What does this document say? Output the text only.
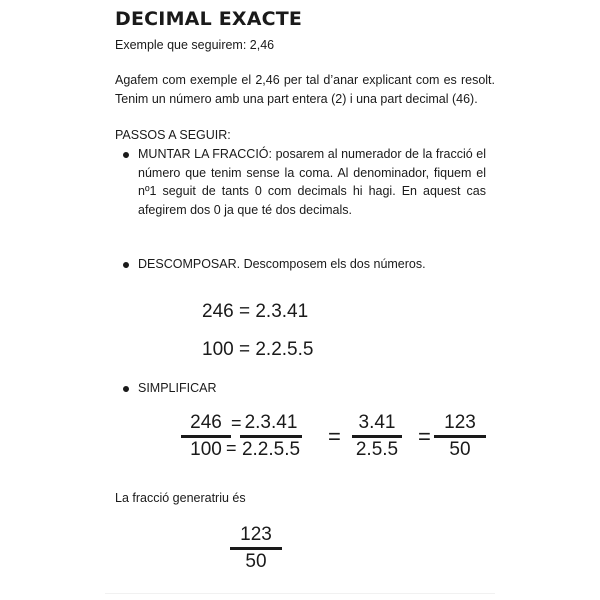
DECIMAL EXACTE

Exemple que seguirem: 2,46

Agafem com exemple el 2,46 per tal d’anar explicant com es resolt. Tenim un número amb una part entera (2) i una part decimal (46).

PASSOS A SEGUIR:

MUNTAR LA FRACCIÓ: posarem al numerador de la fracció el número que tenim sense la coma. Al denominador, fiquem el nº1 seguit de tants 0 com decimals hi hagi. En aquest cas afegirem dos 0 ja que té dos decimals.

DESCOMPOSAR. Descomposem els dos números.

246 = 2.3.41
100 = 2.2.5.5

SIMPLIFICAR

246
100
=
=
2.3.41
2.2.5.5
=
3.41
2.5.5
=
123
50

La fracció generatriu és

123
50
